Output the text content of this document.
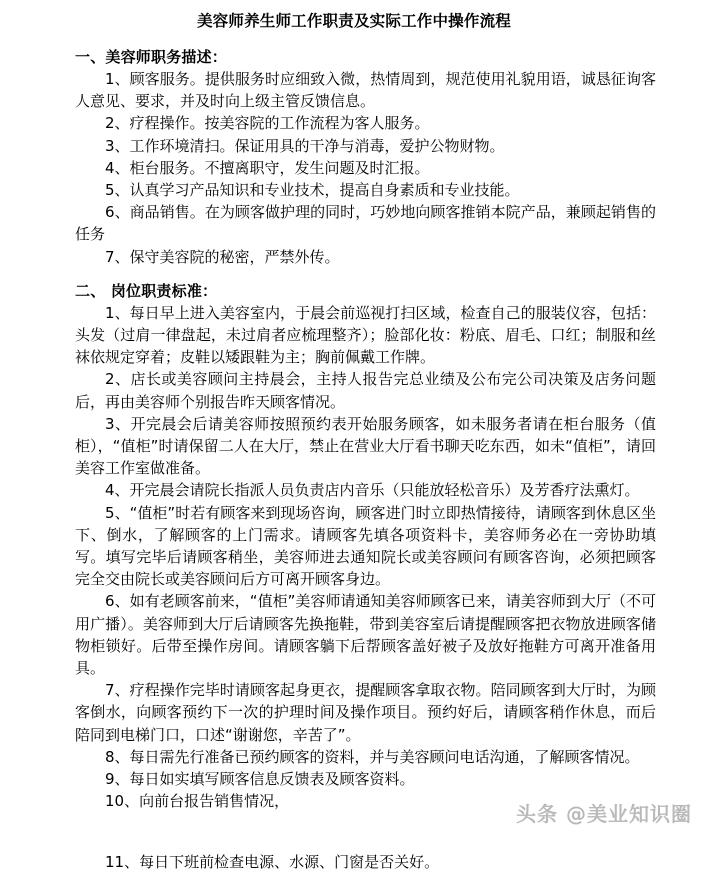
美容师养生师工作职责及实际工作中操作流程

一、美容师职务描述：

1、顾客服务。提供服务时应细致入微，热情周到，规范使用礼貌用语，诚恳征询客人意见、要求，并及时向上级主管反馈信息。

2、疗程操作。按美容院的工作流程为客人服务。

3、工作环境清扫。保证用具的干净与消毒，爱护公物财物。

4、柜台服务。不擅离职守，发生问题及时汇报。

5、认真学习产品知识和专业技术，提高自身素质和专业技能。

6、商品销售。在为顾客做护理的同时，巧妙地向顾客推销本院产品，兼顾起销售的任务

7、保守美容院的秘密，严禁外传。

二、 岗位职责标准：

1、每日早上进入美容室内，于晨会前巡视打扫区域，检查自己的服装仪容，包括：头发（过肩一律盘起，未过肩者应梳理整齐）；脸部化妆：粉底、眉毛、口红；制服和丝袜依规定穿着；皮鞋以矮跟鞋为主；胸前佩戴工作牌。

2、店长或美容顾问主持晨会，主持人报告完总业绩及公布完公司决策及店务问题后，再由美容师个别报告昨天顾客情况。

3、开完晨会后请美容师按照预约表开始服务顾客，如未服务者请在柜台服务（值柜），“值柜”时请保留二人在大厅，禁止在营业大厅看书聊天吃东西，如未“值柜”，请回美容工作室做准备。

4、开完晨会请院长指派人员负责店内音乐（只能放轻松音乐）及芳香疗法熏灯。

5、“值柜”时若有顾客来到现场咨询，顾客进门时立即热情接待，请顾客到休息区坐下、倒水，了解顾客的上门需求。请顾客先填各项资料卡，美容师务必在一旁协助填写。填写完毕后请顾客稍坐，美容师进去通知院长或美容顾问有顾客咨询，必须把顾客完全交由院长或美容顾问后方可离开顾客身边。

6、如有老顾客前来，“值柜”美容师请通知美容师顾客已来，请美容师到大厅（不可用广播）。美容师到大厅后请顾客先换拖鞋，带到美容室后请提醒顾客把衣物放进顾客储物柜锁好。后带至操作房间。请顾客躺下后帮顾客盖好被子及放好拖鞋方可离开准备用具。

7、疗程操作完毕时请顾客起身更衣，提醒顾客拿取衣物。陪同顾客到大厅时，为顾客倒水，向顾客预约下一次的护理时间及操作项目。预约好后，请顾客稍作休息，而后陪同到电梯门口，口述“谢谢您，辛苦了”。

8、每日需先行准备已预约顾客的资料，并与美容顾问电话沟通，了解顾客情况。

9、每日如实填写顾客信息反馈表及顾客资料。

10、向前台报告销售情况，

11、每日下班前检查电源、水源、门窗是否关好。
头条 @美业知识圈
